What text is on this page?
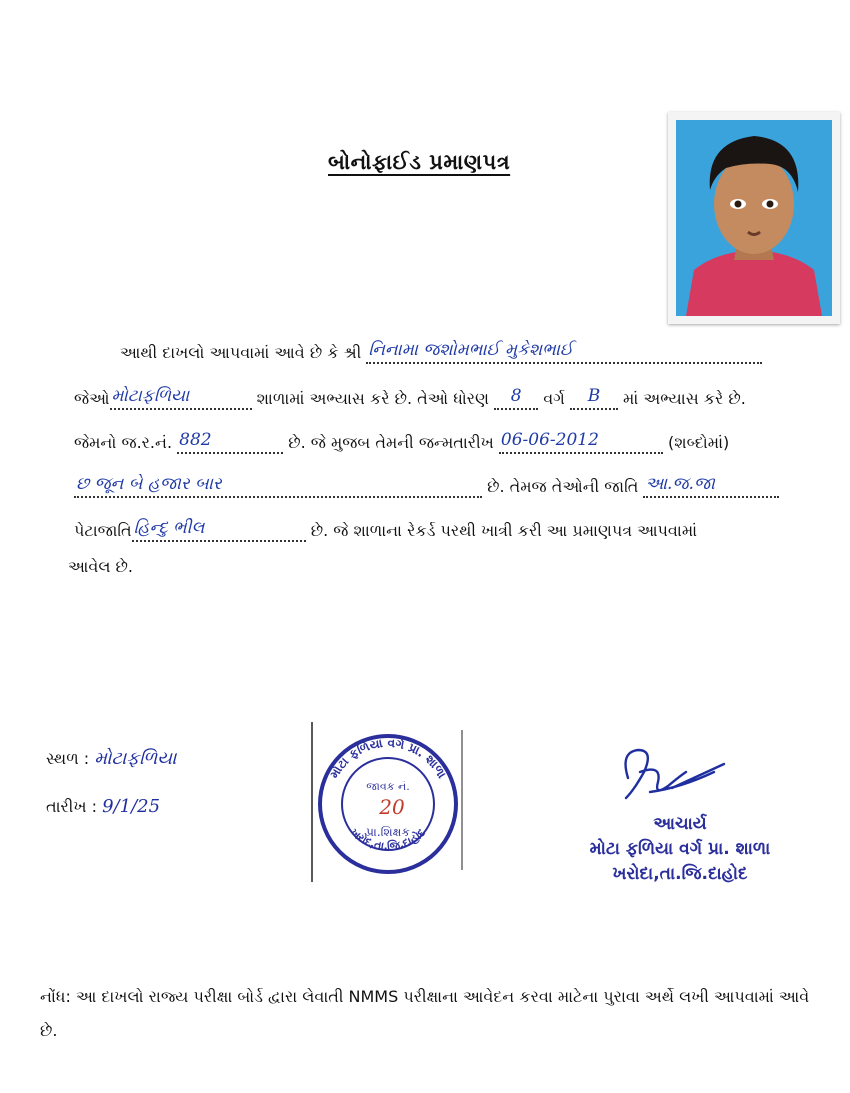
બોનોફાઈડ પ્રમાણપત્ર
આથી દાખલો આપવામાં આવે છે કે શ્રી નિનામા જશોમભાઈ મુકેશભાઈ
જેઓ મોટાફળિયા	શાળામાં અભ્યાસ કરે છે. તેઓ ધોરણ 8 વર્ગ B માં અભ્યાસ કરે છે.
જેમનો જ.ર.નં. 882	છે. જે મુજબ તેમની જન્મતારીખ 06-06-2012	(શબ્દોમાં)
છ જૂન બે હજાર બાર	છે. તેમજ તેઓની જાતિ આ.જ.જા
પેટાજાતિ હિન્દુ ભીલ	છે. જે શાળાના રેકર્ડ પરથી ખાત્રી કરી આ પ્રમાણપત્ર આપવામાં
આવેલ છે.
સ્થળ : મોટાફળિયા
તારીખ : 9/1/25
મોટા ફળિયા વર્ગ પ્રા. શાળા
ખરોદ,તા.જિ.દાહોદ
જાવક નં.
20
પ્રા.શિક્ષક	આચાર્ય
મોટા ફળિયા વર્ગ પ્રા. શાળા
ખરોદા,તા.જિ.દાહોદ
નોંધ: આ દાખલો રાજ્ય પરીક્ષા બોર્ડ દ્વારા લેવાતી NMMS પરીક્ષાના આવેદન કરવા માટેના પુરાવા અર્થે લખી આપવામાં આવે છે.
